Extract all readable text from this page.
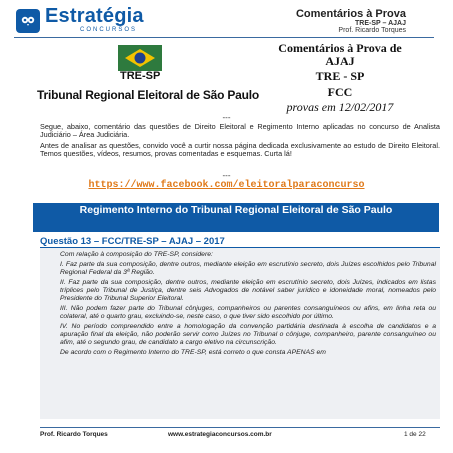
Estratégia
CONCURSOS
Comentários à Prova
TRE-SP – AJAJ
Prof. Ricardo Torques
TRE-SP
Tribunal Regional Eleitoral de São Paulo
Comentários à Prova de
AJAJ
TRE - SP
FCC
provas em 12/02/2017
---

Segue, abaixo, comentário das questões de Direito Eleitoral e Regimento Interno aplicadas no concurso de Analista Judiciário – Área Judiciária.

Antes de analisar as questões, convido você a curtir nossa página dedicada exclusivamente ao estudo de Direito Eleitoral. Temos questões, vídeos, resumos, provas comentadas e esquemas. Curta lá!

---
https://www.facebook.com/eleitoralparaconcurso
Regimento Interno do Tribunal Regional Eleitoral de São Paulo
Questão 13 – FCC/TRE-SP – AJAJ – 2017

Com relação à composição do TRE-SP, considere:

I. Faz parte da sua composição, dentre outros, mediante eleição em escrutínio secreto, dois Juízes escolhidos pelo Tribunal Regional Federal da 3ª Região.

II. Faz parte da sua composição, dentre outros, mediante eleição em escrutínio secreto, dois Juízes, indicados em listas tríplices pelo Tribunal de Justiça, dentre seis Advogados de notável saber jurídico e idoneidade moral, nomeados pelo Presidente do Tribunal Superior Eleitoral.

III. Não podem fazer parte do Tribunal cônjuges, companheiros ou parentes consanguíneos ou afins, em linha reta ou colateral, até o quarto grau, excluindo-se, neste caso, o que tiver sido escolhido por último.

IV. No período compreendido entre a homologação da convenção partidária destinada à escolha de candidatos e a apuração final da eleição, não poderão servir como Juízes no Tribunal o cônjuge, companheiro, parente consanguíneo ou afim, até o segundo grau, de candidato a cargo eletivo na circunscrição.

De acordo com o Regimento Interno do TRE-SP, está correto o que consta APENAS em

Prof. Ricardo Torques	www.estrategiaconcursos.com.br	1 de 22
